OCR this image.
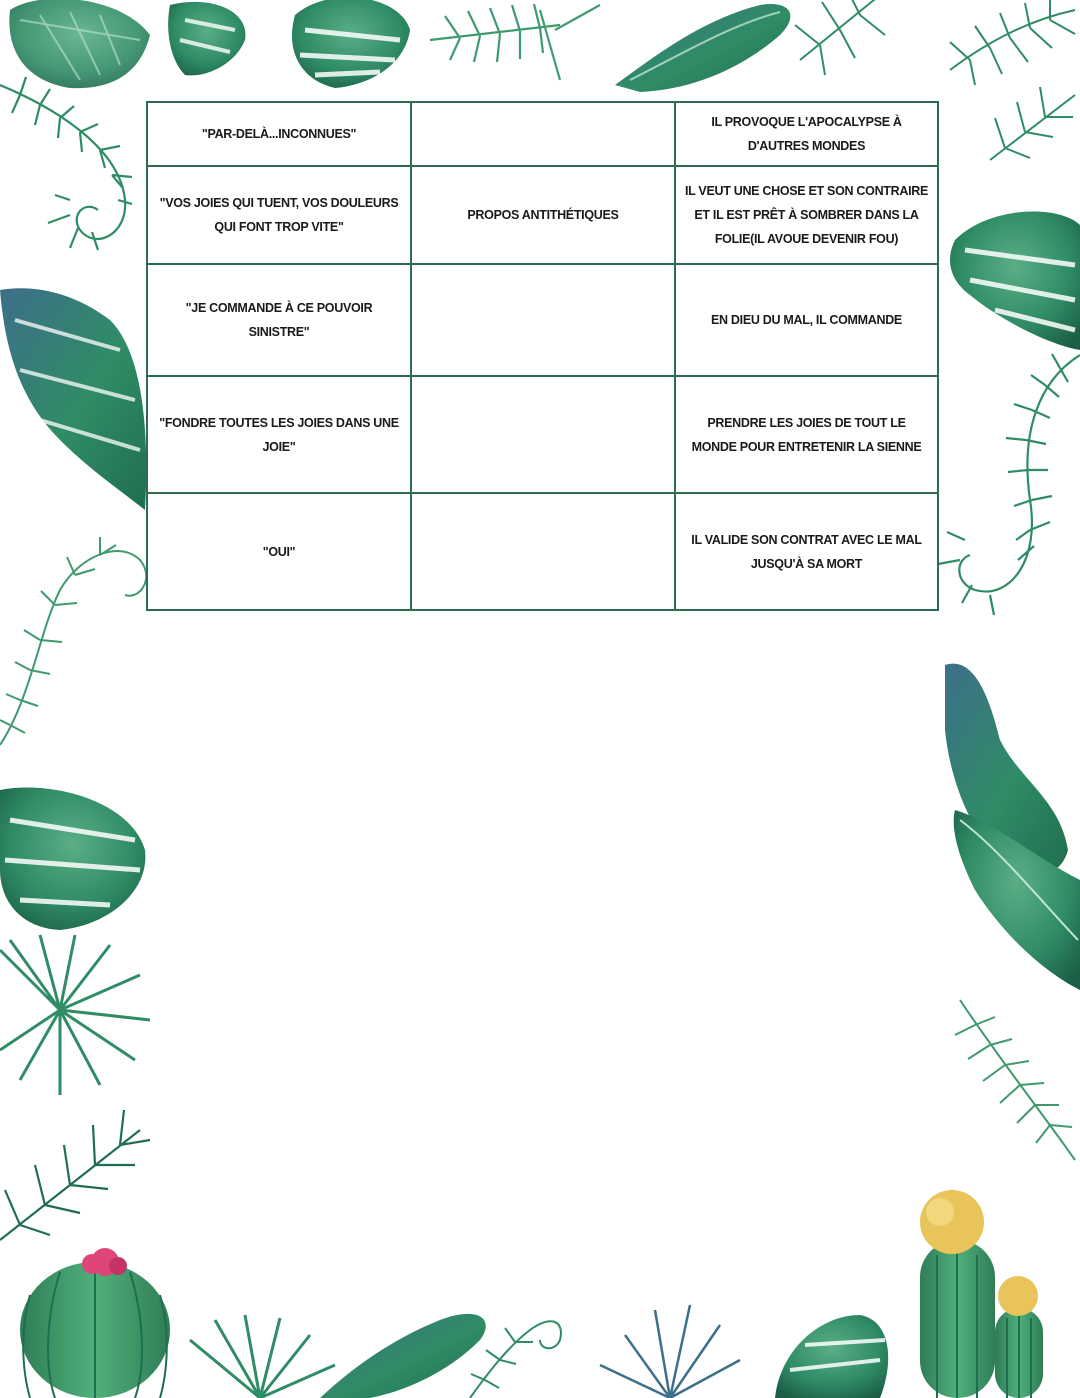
"PAR-DELÀ...INCONNUES"		IL PROVOQUE L'APOCALYPSE À D'AUTRES MONDES
"VOS JOIES QUI TUENT, VOS DOULEURS QUI FONT TROP VITE"	PROPOS ANTITHÉTIQUES	IL VEUT UNE CHOSE ET SON CONTRAIRE ET IL EST PRÊT À SOMBRER DANS LA FOLIE(IL AVOUE DEVENIR FOU)
"JE COMMANDE À CE POUVOIR SINISTRE"		EN DIEU DU MAL, IL COMMANDE
"FONDRE TOUTES LES JOIES DANS UNE JOIE"		PRENDRE LES JOIES DE TOUT LE MONDE POUR ENTRETENIR LA SIENNE
"OUI"		IL VALIDE SON CONTRAT AVEC LE MAL JUSQU'À SA MORT
